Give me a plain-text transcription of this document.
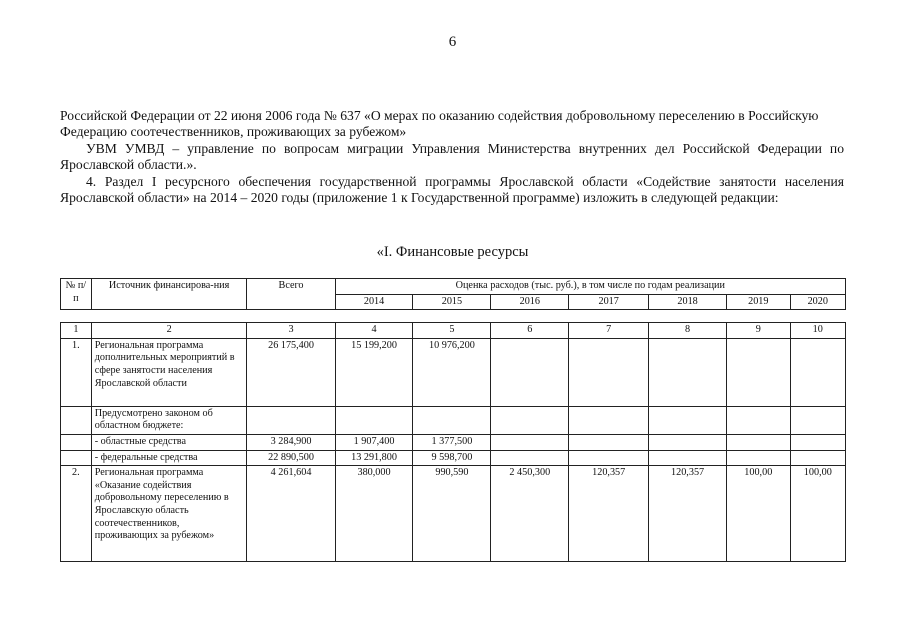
6
Российской Федерации от 22 июня 2006 года № 637 «О мерах по оказанию содействия добровольному переселению в Российскую Федерацию соотечественников, проживающих за рубежом»
УВМ УМВД – управление по вопросам миграции Управления Министерства внутренних дел Российской Федерации по Ярославской области.».
4. Раздел I ресурсного обеспечения государственной программы Ярославской области «Содействие занятости населения Ярославской области» на 2014 – 2020 годы (приложение 1 к Государственной программе) изложить в следующей редакции:
«I. Финансовые ресурсы
№ п/п	Источник финансирова-ния	Всего	Оценка расходов (тыс. руб.), в том числе по годам реализации						
			2014	2015	2016	2017	2018	2019	2020

1	2	3	4	5	6	7	8	9	10
1.	Региональная программа дополнительных мероприятий в сфере занятости населения Ярославской области	26 175,400	15 199,200	10 976,200					
	Предусмотрено законом об областном бюджете:								
	- областные средства	3 284,900	1 907,400	1 377,500					
	- федеральные средства	22 890,500	13 291,800	9 598,700					
2.	Региональная программа «Оказание содействия добровольному переселению в Ярославскую область соотечественников, проживающих за рубежом»	4 261,604	380,000	990,590	2 450,300	120,357	120,357	100,00	100,00
